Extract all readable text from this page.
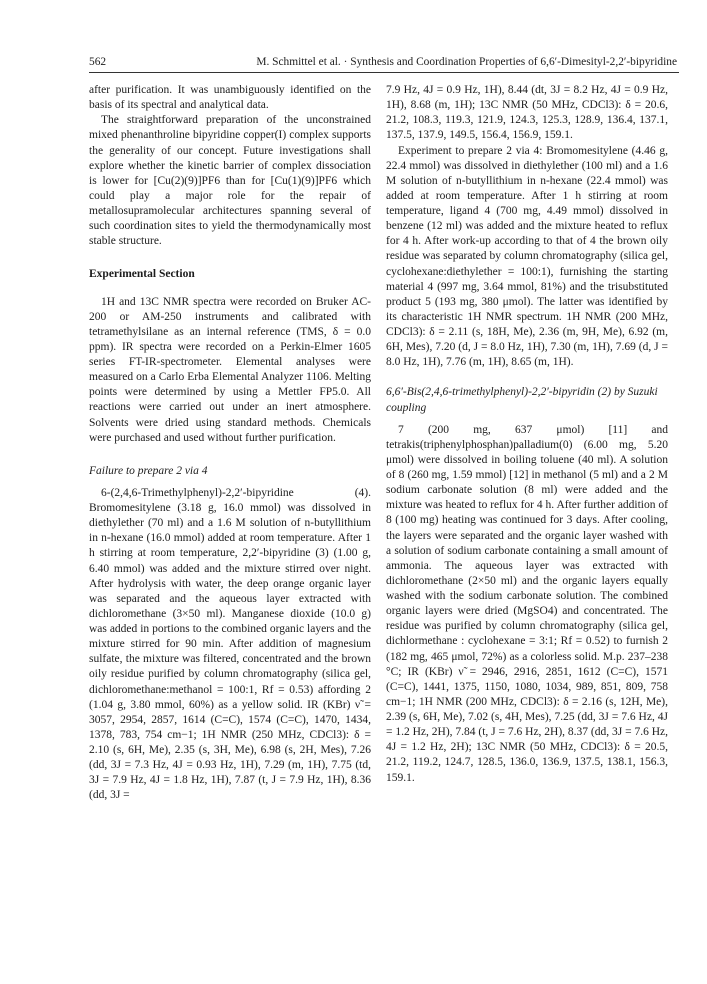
562	M. Schmittel et al. · Synthesis and Coordination Properties of 6,6′-Dimesityl-2,2′-bipyridine

after purification. It was unambiguously identified on the basis of its spectral and analytical data.

The straightforward preparation of the unconstrained mixed phenanthroline bipyridine copper(I) complex supports the generality of our concept. Future investigations shall explore whether the kinetic barrier of complex dissociation is lower for [Cu(2)(9)]PF6 than for [Cu(1)(9)]PF6 which could play a major role for the repair of metallosupramolecular architectures spanning several of such coordination sites to yield the thermodynamically most stable structure.

Experimental Section

1H and 13C NMR spectra were recorded on Bruker AC-200 or AM-250 instruments and calibrated with tetramethylsilane as an internal reference (TMS, δ = 0.0 ppm). IR spectra were recorded on a Perkin-Elmer 1605 series FT-IR-spectrometer. Elemental analyses were measured on a Carlo Erba Elemental Analyzer 1106. Melting points were determined by using a Mettler FP5.0. All reactions were carried out under an inert atmosphere. Solvents were dried using standard methods. Chemicals were purchased and used without further purification.

Failure to prepare 2 via 4

6-(2,4,6-Trimethylphenyl)-2,2′-bipyridine (4). Bromomesitylene (3.18 g, 16.0 mmol) was dissolved in diethylether (70 ml) and a 1.6 M solution of n-butyllithium in n-hexane (16.0 mmol) added at room temperature. After 1 h stirring at room temperature, 2,2′-bipyridine (3) (1.00 g, 6.40 mmol) was added and the mixture stirred over night. After hydrolysis with water, the deep orange organic layer was separated and the aqueous layer extracted with dichloromethane (3×50 ml). Manganese dioxide (10.0 g) was added in portions to the combined organic layers and the mixture stirred for 90 min. After addition of magnesium sulfate, the mixture was filtered, concentrated and the brown oily residue purified by column chromatography (silica gel, dichloromethane:methanol = 100:1, Rf = 0.53) affording 2 (1.04 g, 3.80 mmol, 60%) as a yellow solid. IR (KBr) ν̃ = 3057, 2954, 2857, 1614 (C=C), 1574 (C=C), 1470, 1434, 1378, 783, 754 cm−1; 1H NMR (250 MHz, CDCl3): δ = 2.10 (s, 6H, Me), 2.35 (s, 3H, Me), 6.98 (s, 2H, Mes), 7.26 (dd, 3J = 7.3 Hz, 4J = 0.93 Hz, 1H), 7.29 (m, 1H), 7.75 (td, 3J = 7.9 Hz, 4J = 1.8 Hz, 1H), 7.87 (t, J = 7.9 Hz, 1H), 8.36 (dd, 3J =

7.9 Hz, 4J = 0.9 Hz, 1H), 8.44 (dt, 3J = 8.2 Hz, 4J = 0.9 Hz, 1H), 8.68 (m, 1H); 13C NMR (50 MHz, CDCl3): δ = 20.6, 21.2, 108.3, 119.3, 121.9, 124.3, 125.3, 128.9, 136.4, 137.1, 137.5, 137.9, 149.5, 156.4, 156.9, 159.1.

Experiment to prepare 2 via 4: Bromomesitylene (4.46 g, 22.4 mmol) was dissolved in diethylether (100 ml) and a 1.6 M solution of n-butyllithium in n-hexane (22.4 mmol) was added at room temperature. After 1 h stirring at room temperature, ligand 4 (700 mg, 4.49 mmol) dissolved in benzene (12 ml) was added and the mixture heated to reflux for 4 h. After work-up according to that of 4 the brown oily residue was separated by column chromatography (silica gel, cyclohexane:diethylether = 100:1), furnishing the starting material 4 (997 mg, 3.64 mmol, 81%) and the trisubstituted product 5 (193 mg, 380 μmol). The latter was identified by its characteristic 1H NMR spectrum. 1H NMR (200 MHz, CDCl3): δ = 2.11 (s, 18H, Me), 2.36 (m, 9H, Me), 6.92 (m, 6H, Mes), 7.20 (d, J = 8.0 Hz, 1H), 7.30 (m, 1H), 7.69 (d, J = 8.0 Hz, 1H), 7.76 (m, 1H), 8.65 (m, 1H).

6,6′-Bis(2,4,6-trimethylphenyl)-2,2′-bipyridin (2) by Suzuki coupling

7 (200 mg, 637 μmol) [11] and tetrakis(triphenylphosphan)palladium(0) (6.00 mg, 5.20 μmol) were dissolved in boiling toluene (40 ml). A solution of 8 (260 mg, 1.59 mmol) [12] in methanol (5 ml) and a 2 M sodium carbonate solution (8 ml) were added and the mixture was heated to reflux for 4 h. After further addition of 8 (100 mg) heating was continued for 3 days. After cooling, the layers were separated and the organic layer washed with a solution of sodium carbonate containing a small amount of ammonia. The aqueous layer was extracted with dichloromethane (2×50 ml) and the organic layers equally washed with the sodium carbonate solution. The combined organic layers were dried (MgSO4) and concentrated. The residue was purified by column chromatography (silica gel, dichlormethane : cyclohexane = 3:1; Rf = 0.52) to furnish 2 (182 mg, 465 μmol, 72%) as a colorless solid. M.p. 237–238 °C; IR (KBr) ν̃ = 2946, 2916, 2851, 1612 (C=C), 1571 (C=C), 1441, 1375, 1150, 1080, 1034, 989, 851, 809, 758 cm−1; 1H NMR (200 MHz, CDCl3): δ = 2.16 (s, 12H, Me), 2.39 (s, 6H, Me), 7.02 (s, 4H, Mes), 7.25 (dd, 3J = 7.6 Hz, 4J = 1.2 Hz, 2H), 7.84 (t, J = 7.6 Hz, 2H), 8.37 (dd, 3J = 7.6 Hz, 4J = 1.2 Hz, 2H); 13C NMR (50 MHz, CDCl3): δ = 20.5, 21.2, 119.2, 124.7, 128.5, 136.0, 136.9, 137.5, 138.1, 156.3, 159.1.
